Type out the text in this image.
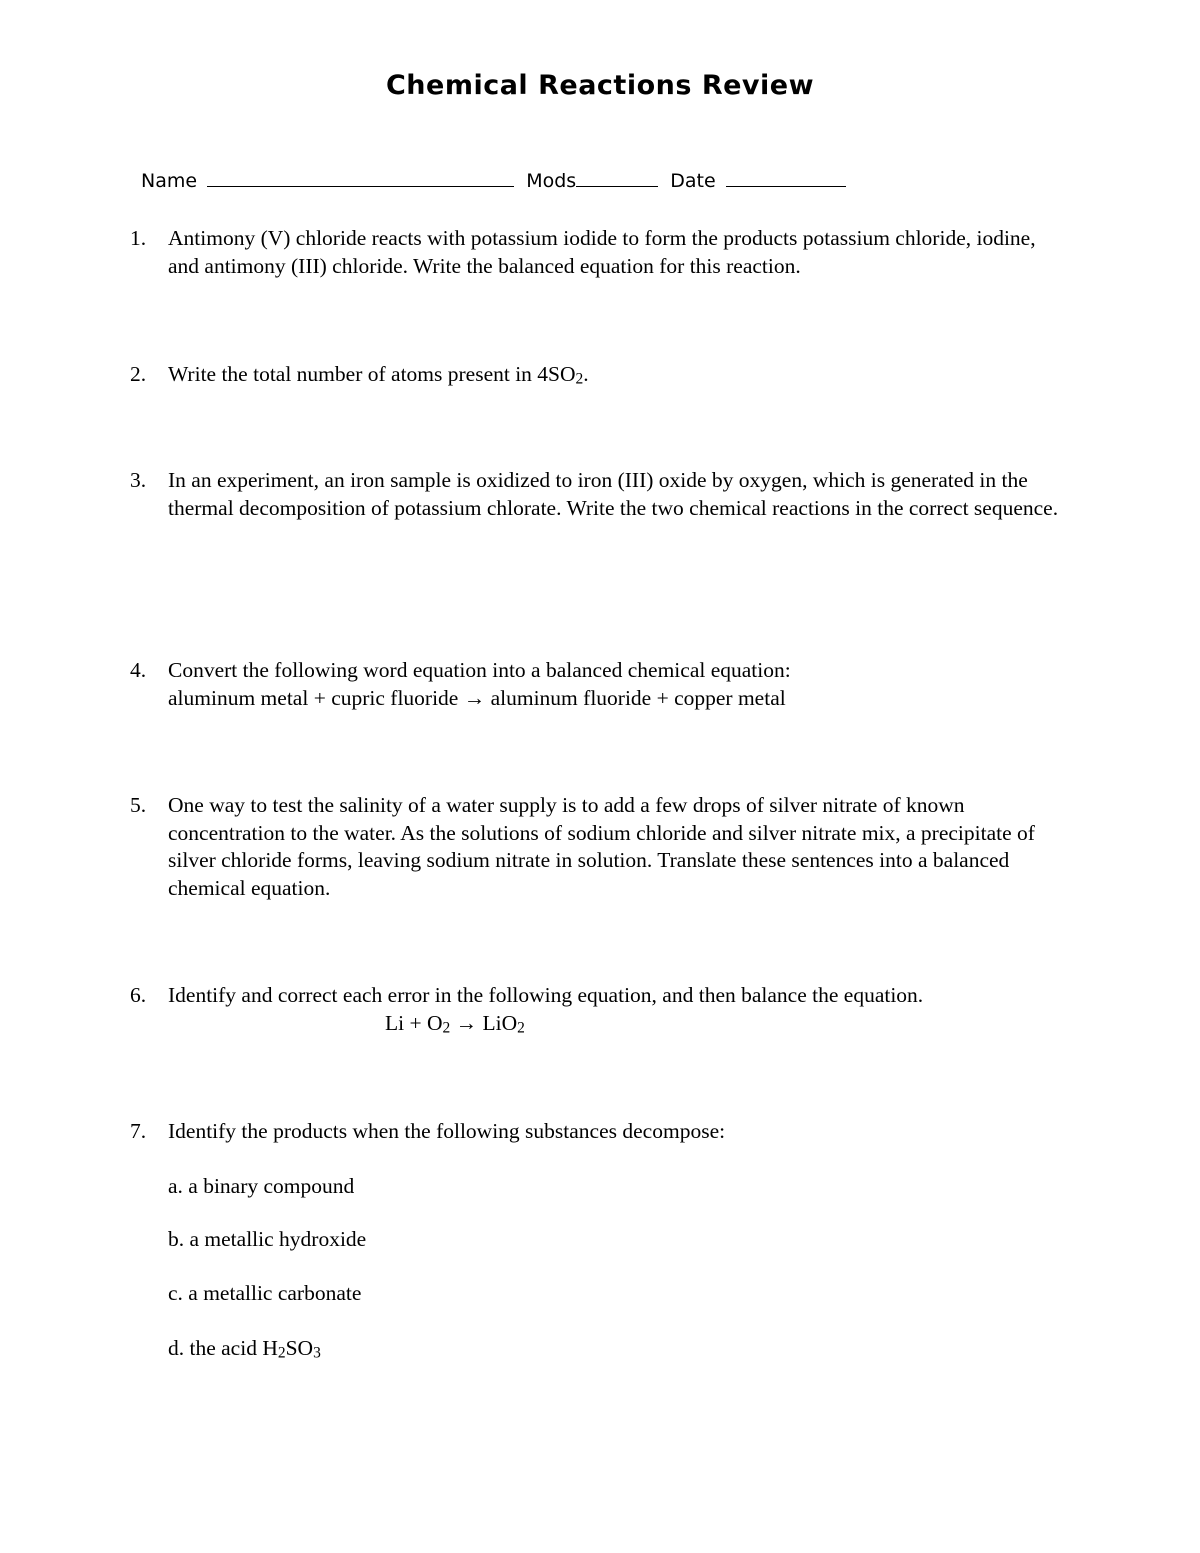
Chemical Reactions Review
Name	Mods	Date
1. Antimony (V) chloride reacts with potassium iodide to form the products potassium chloride, iodine, and antimony (III) chloride. Write the balanced equation for this reaction.
2. Write the total number of atoms present in $4SO_2$.
3. In an experiment, an iron sample is oxidized to iron (III) oxide by oxygen, which is generated in the thermal decomposition of potassium chlorate. Write the two chemical reactions in the correct sequence.
4. Convert the following word equation into a balanced chemical equation:
aluminum metal + cupric fluoride → aluminum fluoride + copper metal
5. One way to test the salinity of a water supply is to add a few drops of silver nitrate of known concentration to the water. As the solutions of sodium chloride and silver nitrate mix, a precipitate of silver chloride forms, leaving sodium nitrate in solution. Translate these sentences into a balanced chemical equation.
6. Identify and correct each error in the following equation, and then balance the equation.
$Li + O_2 \to LiO_2$
7. Identify the products when the following substances decompose:
a. a binary compound
b. a metallic hydroxide
c. a metallic carbonate
d. the acid $H_2SO_3$
